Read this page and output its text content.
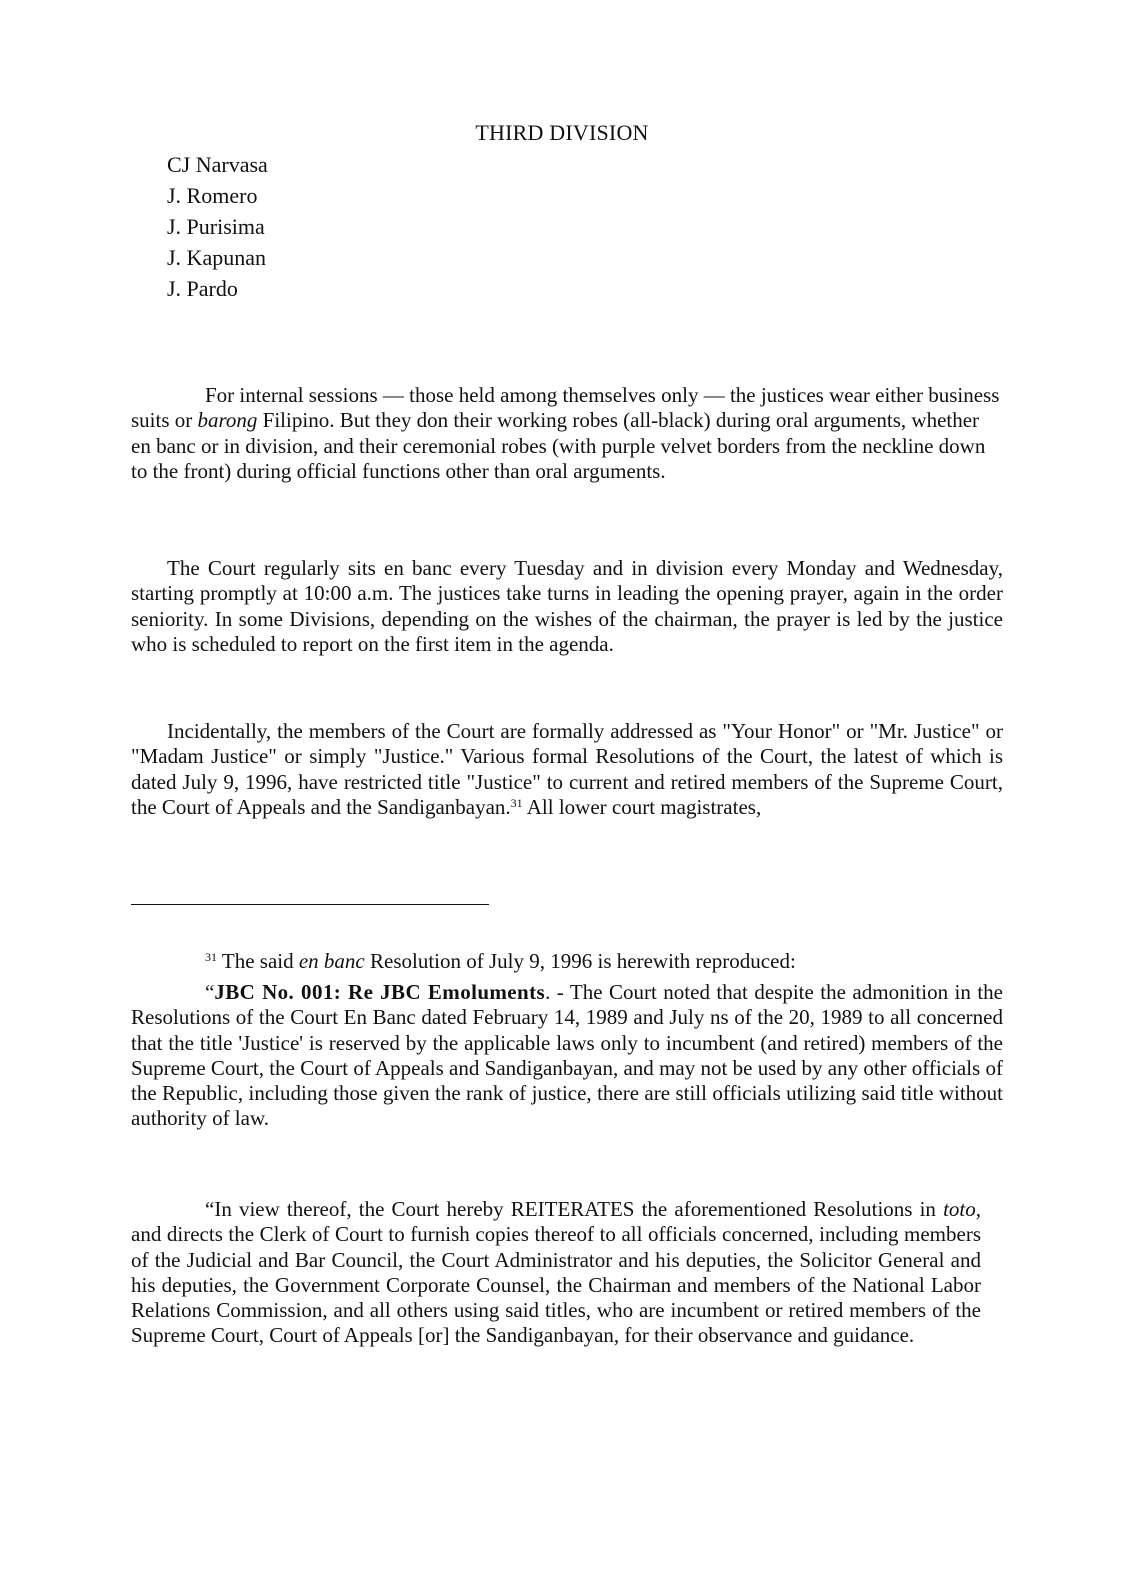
THIRD DIVISION
CJ Narvasa
J. Romero
J. Purisima
J. Kapunan
J. Pardo

For internal sessions — those held among themselves only — the justices wear either business suits or barong Filipino. But they don their working robes (all-black) during oral arguments, whether en banc or in division, and their ceremonial robes (with purple velvet borders from the neckline down to the front) during official functions other than oral arguments.

The Court regularly sits en banc every Tuesday and in division every Monday and Wednesday, starting promptly at 10:00 a.m. The justices take turns in leading the opening prayer, again in the order seniority. In some Divisions, depending on the wishes of the chairman, the prayer is led by the justice who is scheduled to report on the first item in the agenda.

Incidentally, the members of the Court are formally addressed as "Your Honor" or "Mr. Justice" or "Madam Justice" or simply "Justice." Various formal Resolutions of the Court, the latest of which is dated July 9, 1996, have restricted title "Justice" to current and retired members of the Supreme Court, the Court of Appeals and the Sandiganbayan.$^{31}$ All lower court magistrates,

$^{31}$ The said en banc Resolution of July 9, 1996 is herewith reproduced:

“JBC No. 001: Re JBC Emoluments. - The Court noted that despite the admonition in the Resolutions of the Court En Banc dated February 14, 1989 and July ns of the 20, 1989 to all concerned that the title 'Justice' is reserved by the applicable laws only to incumbent (and retired) members of the Supreme Court, the Court of Appeals and Sandiganbayan, and may not be used by any other officials of the Republic, including those given the rank of justice, there are still officials utilizing said title without authority of law.

“In view thereof, the Court hereby REITERATES the aforementioned Resolutions in toto, and directs the Clerk of Court to furnish copies thereof to all officials concerned, including members of the Judicial and Bar Council, the Court Administrator and his deputies, the Solicitor General and his deputies, the Government Corporate Counsel, the Chairman and members of the National Labor Relations Commission, and all others using said titles, who are incumbent or retired members of the Supreme Court, Court of Appeals [or] the Sandiganbayan, for their observance and guidance.
